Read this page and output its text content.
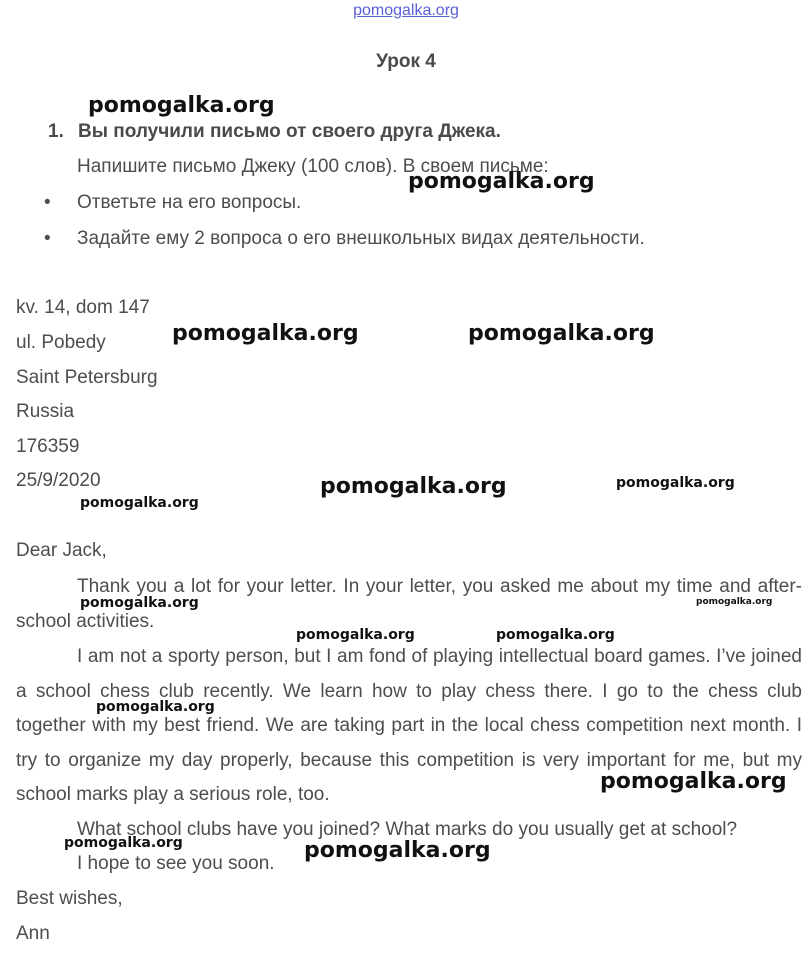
pomogalka.org
Урок 4
1. Вы получили письмо от своего друга Джека.
Напишите письмо Джеку (100 слов). В своем письме:
• Ответьте на его вопросы.
• Задайте ему 2 вопроса о его внешкольных видах деятельности.
kv. 14, dom 147
ul. Pobedy
Saint Petersburg
Russia
176359
25/9/2020
Dear Jack,
Thank you a lot for your letter. In your letter, you asked me about my time and after-school activities.
I am not a sporty person, but I am fond of playing intellectual board games. I’ve joined a school chess club recently. We learn how to play chess there. I go to the chess club together with my best friend. We are taking part in the local chess competition next month. I try to organize my day properly, because this competition is very important for me, but my school marks play a serious role, too.
What school clubs have you joined? What marks do you usually get at school?
I hope to see you soon.
Best wishes,
Ann
pomogalka.org
pomogalka.org
pomogalka.org	pomogalka.org
pomogalka.org	pomogalka.org
pomogalka.org
pomogalka.org	pomogalka.org
pomogalka.org	pomogalka.org
pomogalka.org
pomogalka.org
pomogalka.org	pomogalka.org
